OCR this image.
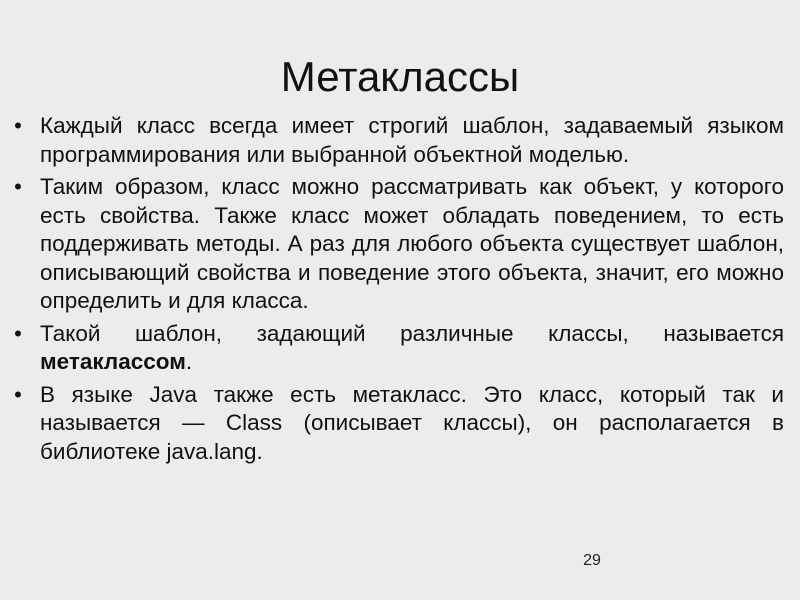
Метаклассы
• Каждый класс всегда имеет строгий шаблон, задаваемый языком программирования или выбранной объектной моделью.
• Таким образом, класс можно рассматривать как объект, у которого есть свойства. Также класс может обладать поведением, то есть поддерживать методы. А раз для любого объекта существует шаблон, описывающий свойства и поведение этого объекта, значит, его можно определить и для класса.
• Такой шаблон, задающий различные классы, называется метаклассом.
• В языке Java также есть метакласс. Это класс, который так и называется — Class (описывает классы), он располагается в библиотеке java.lang.
29
